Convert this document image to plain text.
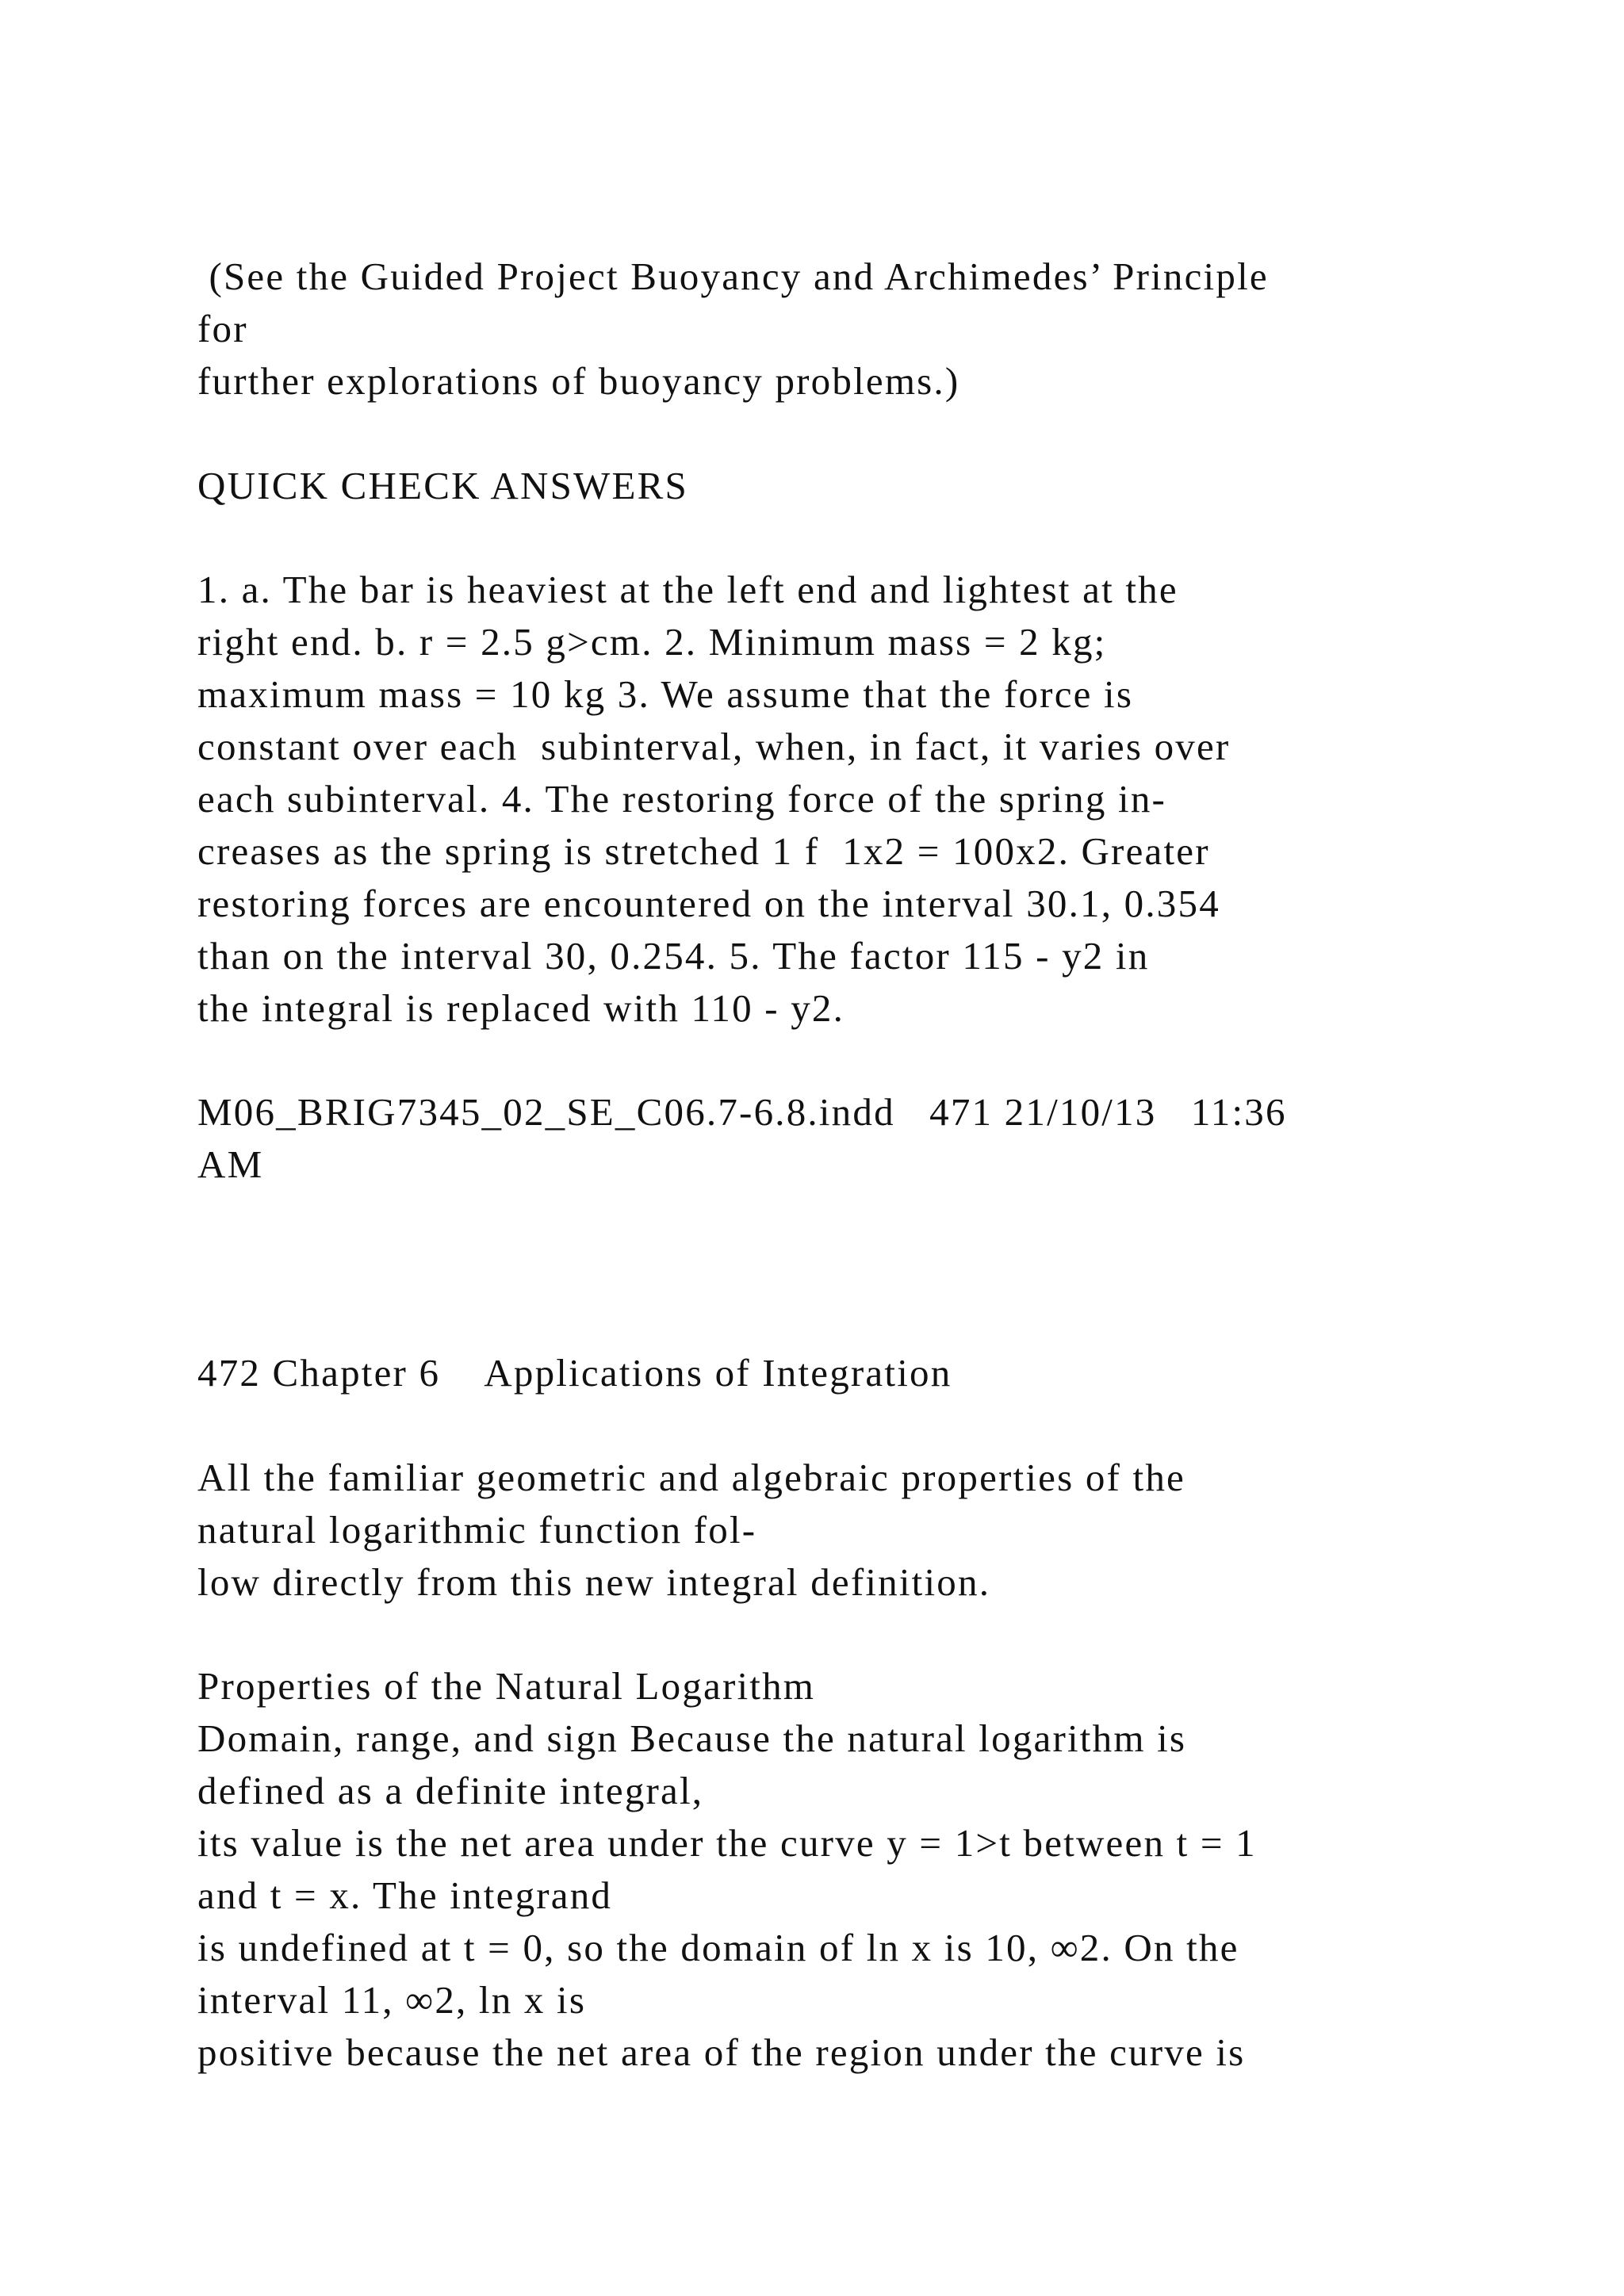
(See the Guided Project Buoyancy and Archimedes’ Principle
for
further explorations of buoyancy problems.)
QUICK CHECK ANSWERS
1. a. The bar is heaviest at the left end and lightest at the
right end. b. r = 2.5 g>cm. 2. Minimum mass = 2 kg;
maximum mass = 10 kg 3. We assume that the force is
constant over each  subinterval, when, in fact, it varies over
each subinterval. 4. The restoring force of the spring in-
creases as the spring is stretched 1 f  1x2 = 100x2. Greater
restoring forces are encountered on the interval 30.1, 0.354
than on the interval 30, 0.254. 5. The factor 115 - y2 in
the integral is replaced with 110 - y2.
M06_BRIG7345_02_SE_C06.7-6.8.indd   471 21/10/13   11:36
AM
472 Chapter 6    Applications of Integration
All the familiar geometric and algebraic properties of the
natural logarithmic function fol-
low directly from this new integral definition.
Properties of the Natural Logarithm
Domain, range, and sign Because the natural logarithm is
defined as a definite integral,
its value is the net area under the curve y = 1>t between t = 1
and t = x. The integrand
is undefined at t = 0, so the domain of ln x is 10, ∞2. On the
interval 11, ∞2, ln x is
positive because the net area of the region under the curve is
